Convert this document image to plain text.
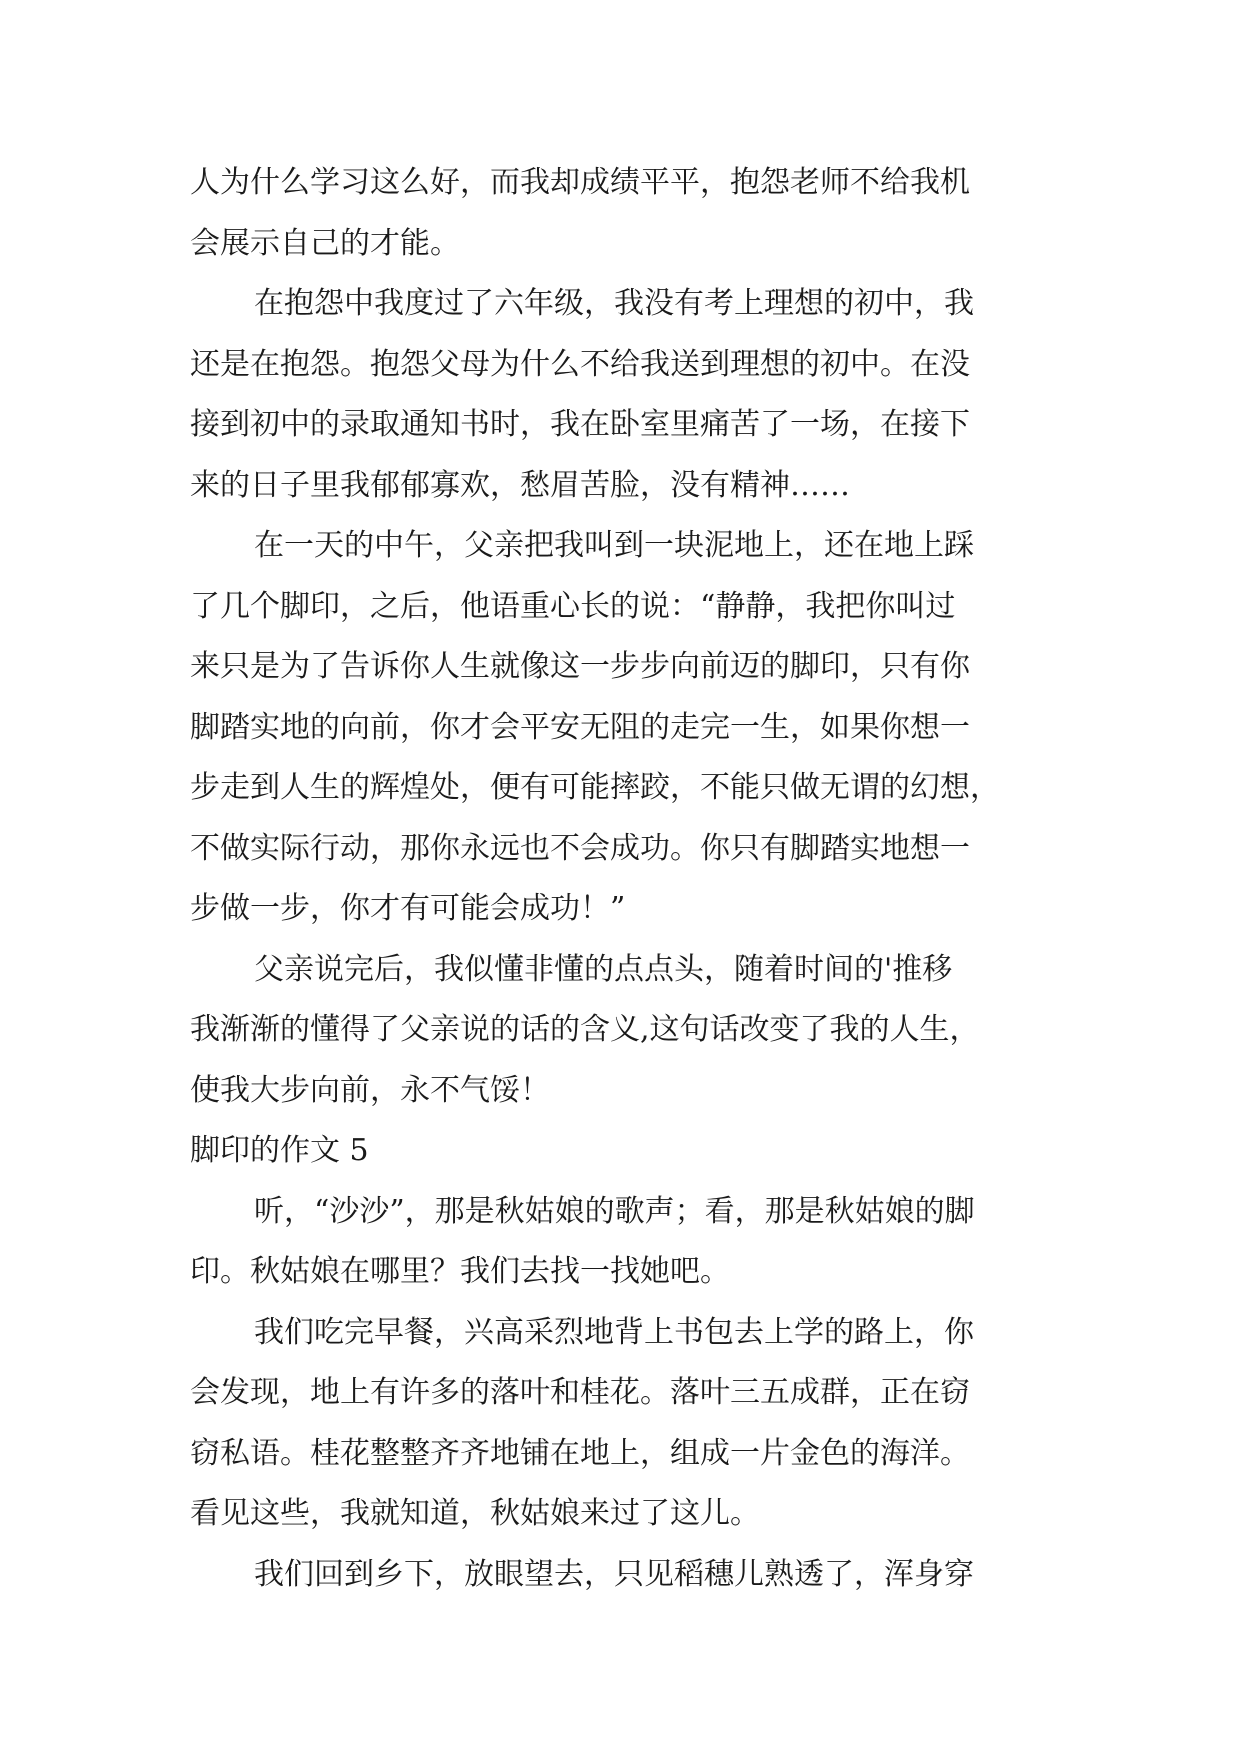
人为什么学习这么好，而我却成绩平平，抱怨老师不给我机
会展示自己的才能。
在抱怨中我度过了六年级，我没有考上理想的初中，我
还是在抱怨。抱怨父母为什么不给我送到理想的初中。在没
接到初中的录取通知书时，我在卧室里痛苦了一场，在接下
来的日子里我郁郁寡欢，愁眉苦脸，没有精神……
在一天的中午，父亲把我叫到一块泥地上，还在地上踩
了几个脚印，之后，他语重心长的说：“静静，我把你叫过
来只是为了告诉你人生就像这一步步向前迈的脚印，只有你
脚踏实地的向前，你才会平安无阻的走完一生，如果你想一
步走到人生的辉煌处，便有可能摔跤，不能只做无谓的幻想，
不做实际行动，那你永远也不会成功。你只有脚踏实地想一
步做一步，你才有可能会成功！”
父亲说完后，我似懂非懂的点点头，随着时间的'推移
我渐渐的懂得了父亲说的话的含义,这句话改变了我的人生，
使我大步向前，永不气馁！
脚印的作文 5
听，“沙沙”，那是秋姑娘的歌声；看，那是秋姑娘的脚
印。秋姑娘在哪里？我们去找一找她吧。
我们吃完早餐，兴高采烈地背上书包去上学的路上，你
会发现，地上有许多的落叶和桂花。落叶三五成群，正在窃
窃私语。桂花整整齐齐地铺在地上，组成一片金色的海洋。
看见这些，我就知道，秋姑娘来过了这儿。
我们回到乡下，放眼望去，只见稻穗儿熟透了，浑身穿
